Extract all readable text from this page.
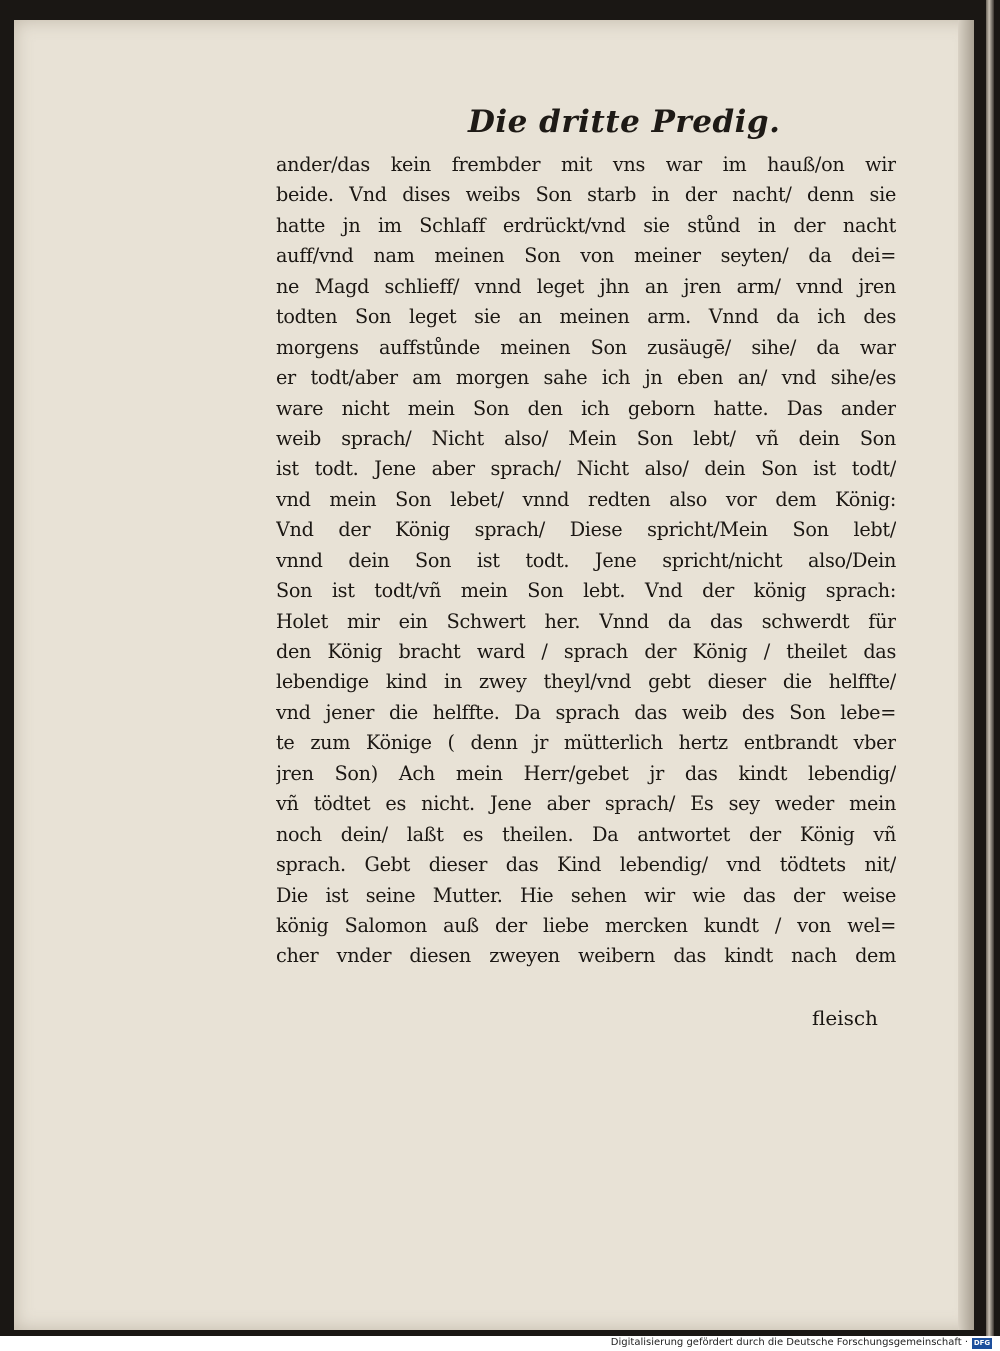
Die dritte Predig.
ander/das kein frembder mit vns war im hauß/on wir
beide. Vnd dises weibs Son starb in der nacht/ denn sie
hatte jn im Schlaff erdrückt/vnd sie stůnd in der nacht
auff/vnd nam meinen Son von meiner seyten/ da dei=
ne Magd schlieff/ vnnd leget jhn an jren arm/ vnnd jren
todten Son leget sie an meinen arm. Vnnd da ich des
morgens auffstůnde meinen Son zusäugē/ sihe/ da war
er todt/aber am morgen sahe ich jn eben an/ vnd sihe/es
ware nicht mein Son den ich geborn hatte. Das ander
weib sprach/ Nicht also/ Mein Son lebt/ vñ dein Son
ist todt. Jene aber sprach/ Nicht also/ dein Son ist todt/
vnd mein Son lebet/ vnnd redten also vor dem König:
Vnd der König sprach/ Diese spricht/Mein Son lebt/
vnnd dein Son ist todt. Jene spricht/nicht also/Dein
Son ist todt/vñ mein Son lebt. Vnd der könig sprach:
Holet mir ein Schwert her. Vnnd da das schwerdt für
den König bracht ward / sprach der König / theilet das
lebendige kind in zwey theyl/vnd gebt dieser die helffte/
vnd jener die helffte. Da sprach das weib des Son lebe=
te zum Könige ( denn jr mütterlich hertz entbrandt vber
jren Son) Ach mein Herr/gebet jr das kindt lebendig/
vñ tödtet es nicht. Jene aber sprach/ Es sey weder mein
noch dein/ laßt es theilen. Da antwortet der König vñ
sprach. Gebt dieser das Kind lebendig/ vnd tödtets nit/
Die ist seine Mutter. Hie sehen wir wie das der weise
könig Salomon auß der liebe mercken kundt / von wel=
cher vnder diesen zweyen weibern das kindt nach dem
fleisch
Digitalisierung gefördert durch die Deutsche Forschungsgemeinschaft · DFG
